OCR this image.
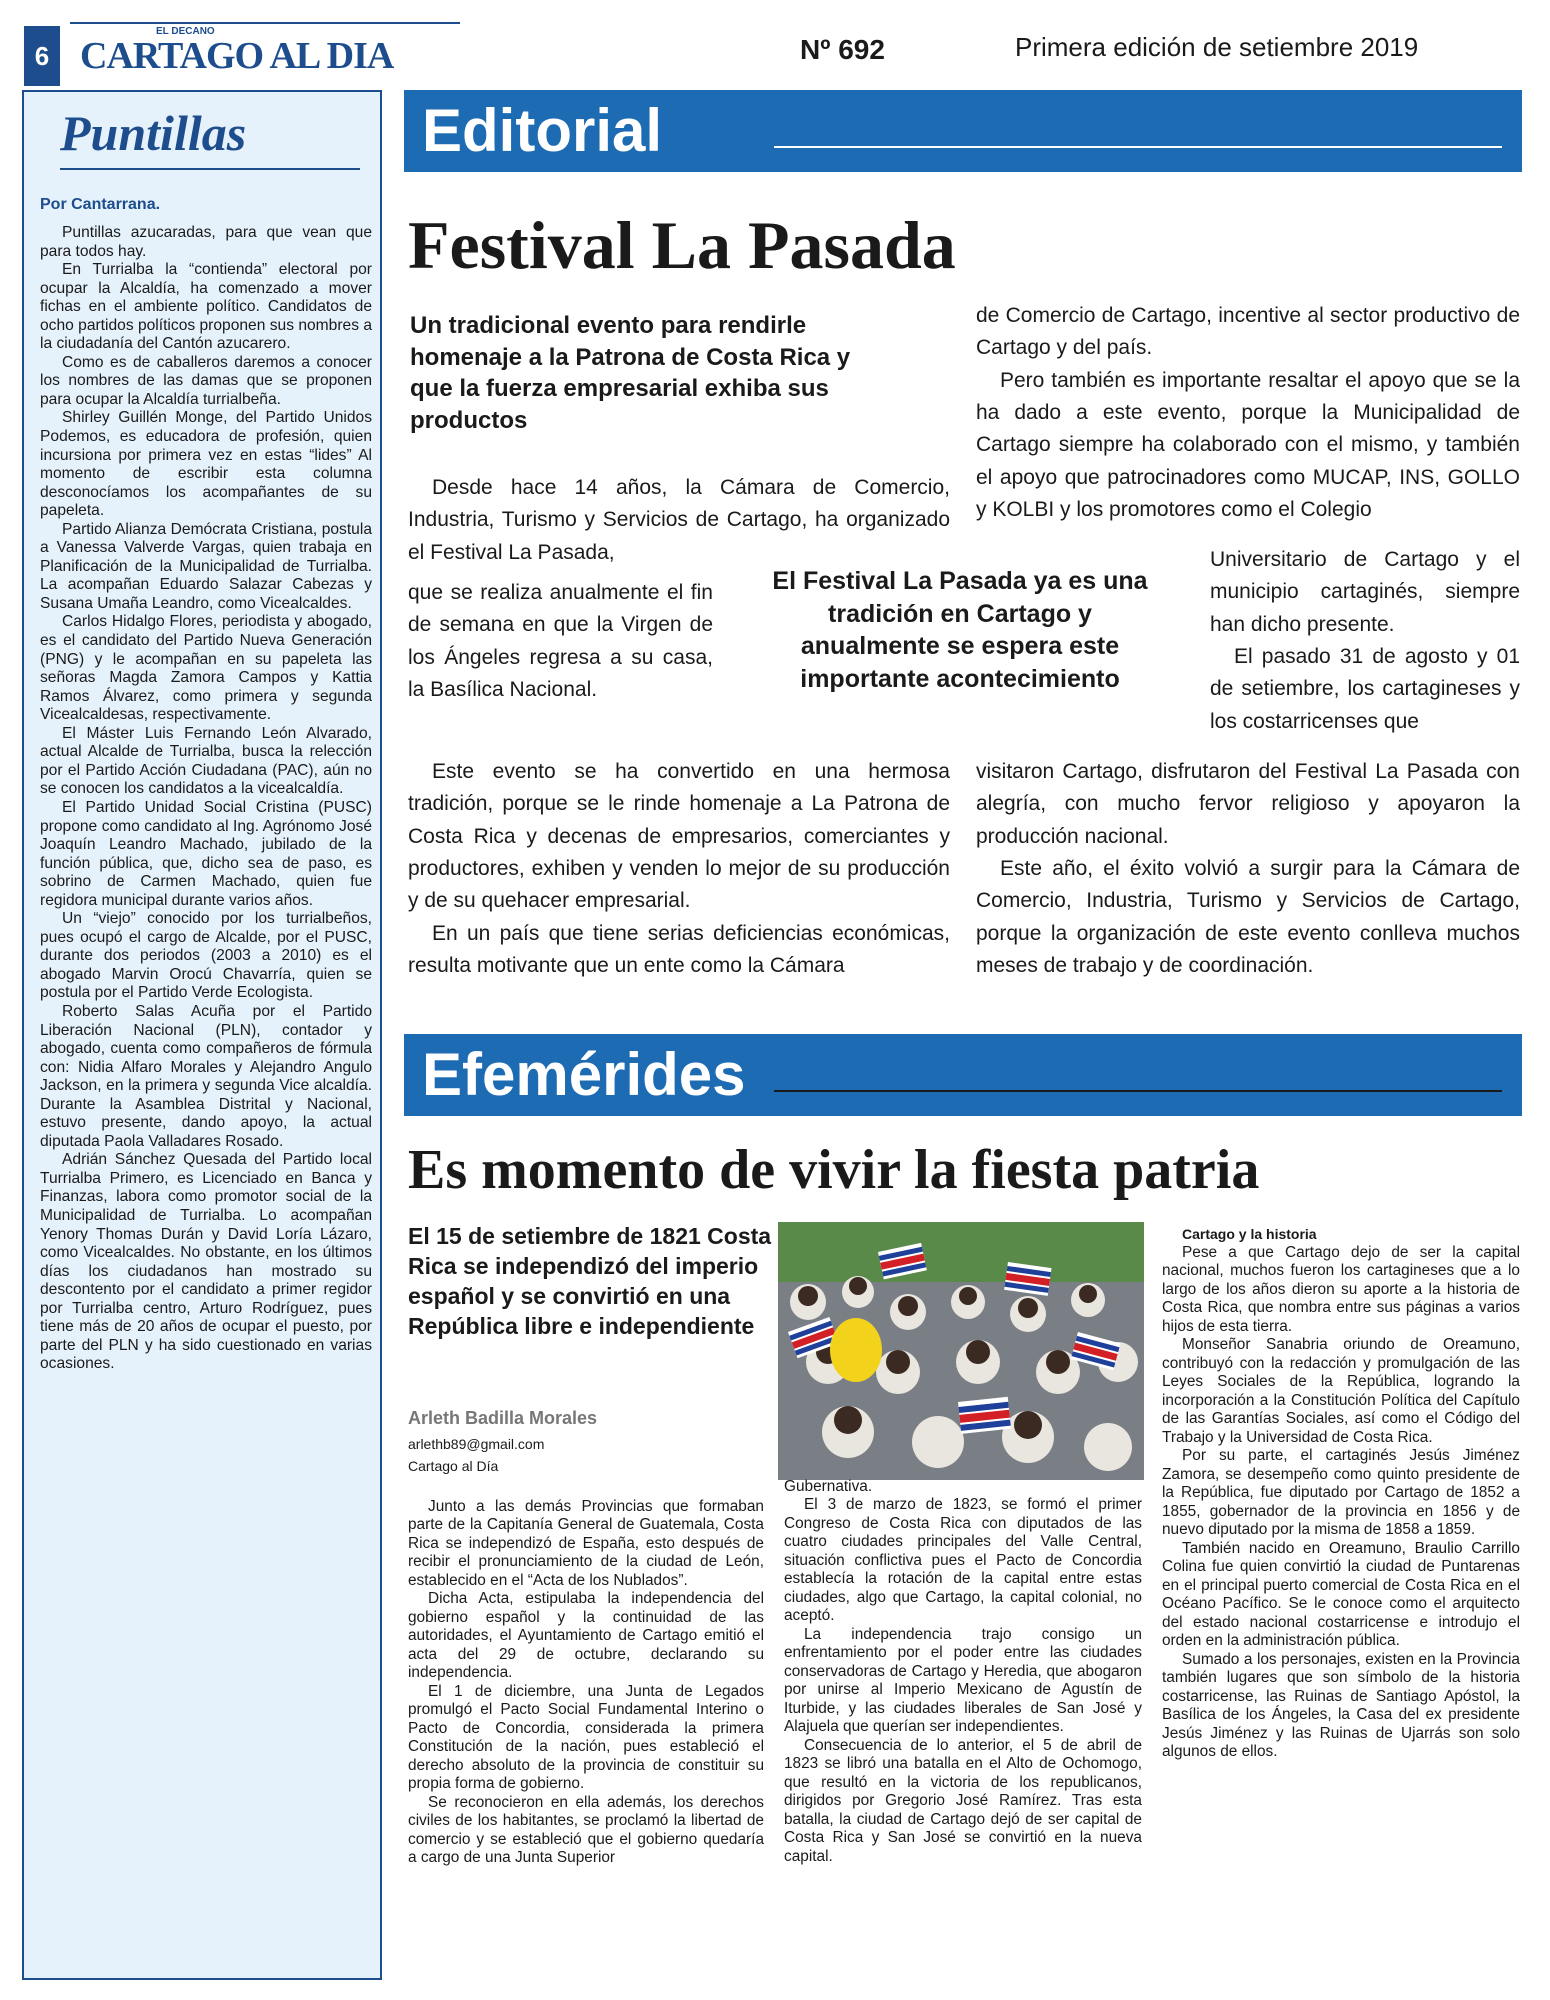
6
EL DECANO
CARTAGO AL DIA	Nº 692	Primera edición de setiembre 2019
Puntillas
Por Cantarrana.

Puntillas azucaradas, para que vean que para todos hay.

En Turrialba la “contienda” electoral por ocupar la Alcaldía, ha comenzado a mover fichas en el ambiente político. Candidatos de ocho partidos políticos proponen sus nombres a la ciudadanía del Cantón azucarero.

Como es de caballeros daremos a conocer los nombres de las damas que se proponen para ocupar la Alcaldía turrialbeña.

Shirley Guillén Monge, del Partido Unidos Podemos, es educadora de profesión, quien incursiona por primera vez en estas “lides” Al momento de escribir esta columna desconocíamos los acompañantes de su papeleta.

Partido Alianza Demócrata Cristiana, postula a Vanessa Valverde Vargas, quien trabaja en Planificación de la Municipalidad de Turrialba. La acompañan Eduardo Salazar Cabezas y Susana Umaña Leandro, como Vicealcaldes.

Carlos Hidalgo Flores, periodista y abogado, es el candidato del Partido Nueva Generación (PNG) y le acompañan en su papeleta las señoras Magda Zamora Campos y Kattia Ramos Álvarez, como primera y segunda Vicealcaldesas, respectivamente.

El Máster Luis Fernando León Alvarado, actual Alcalde de Turrialba, busca la relección por el Partido Acción Ciudadana (PAC), aún no se conocen los candidatos a la vicealcaldía.

El Partido Unidad Social Cristina (PUSC) propone como candidato al Ing. Agrónomo José Joaquín Leandro Machado, jubilado de la función pública, que, dicho sea de paso, es sobrino de Carmen Machado, quien fue regidora municipal durante varios años.

Un “viejo” conocido por los turrialbeños, pues ocupó el cargo de Alcalde, por el PUSC, durante dos periodos (2003 a 2010) es el abogado Marvin Orocú Chavarría, quien se postula por el Partido Verde Ecologista.

Roberto Salas Acuña por el Partido Liberación Nacional (PLN), contador y abogado, cuenta como compañeros de fórmula con: Nidia Alfaro Morales y Alejandro Angulo Jackson, en la primera y segunda Vice alcaldía. Durante la Asamblea Distrital y Nacional, estuvo presente, dando apoyo, la actual diputada Paola Valladares Rosado.

Adrián Sánchez Quesada del Partido local Turrialba Primero, es Licenciado en Banca y Finanzas, labora como promotor social de la Municipalidad de Turrialba. Lo acompañan Yenory Thomas Durán y David Loría Lázaro, como Vicealcaldes. No obstante, en los últimos días los ciudadanos han mostrado su descontento por el candidato a primer regidor por Turrialba centro, Arturo Rodríguez, pues tiene más de 20 años de ocupar el puesto, por parte del PLN y ha sido cuestionado en varias ocasiones.

Editorial
Festival La Pasada
Un tradicional evento para rendirle homenaje a la Patrona de Costa Rica y que la fuerza empresarial exhiba sus productos

Desde hace 14 años, la Cámara de Comercio, Industria, Turismo y Servicios de Cartago, ha organizado el Festival La Pasada,

que se realiza anualmente el fin de semana en que la Virgen de los Ángeles regresa a su casa, la Basílica Nacional.

El Festival La Pasada ya es una tradición en Cartago y anualmente se espera este importante acontecimiento

Este evento se ha convertido en una hermosa tradición, porque se le rinde homenaje a La Patrona de Costa Rica y decenas de empresarios, comerciantes y productores, exhiben y venden lo mejor de su producción y de su quehacer empresarial.

En un país que tiene serias deficiencias económicas, resulta motivante que un ente como la Cámara

de Comercio de Cartago, incentive al sector productivo de Cartago y del país.

Pero también es importante resaltar el apoyo que se la ha dado a este evento, porque la Municipalidad de Cartago siempre ha colaborado con el mismo, y también el apoyo que patrocinadores como MUCAP, INS, GOLLO y KOLBI y los promotores como el Colegio

Universitario de Cartago y el municipio cartaginés, siempre han dicho presente.

El pasado 31 de agosto y 01 de setiembre, los cartagineses y los costarricenses que

visitaron Cartago, disfrutaron del Festival La Pasada con alegría, con mucho fervor religioso y apoyaron la producción nacional.

Este año, el éxito volvió a surgir para la Cámara de Comercio, Industria, Turismo y Servicios de Cartago, porque la organización de este evento conlleva muchos meses de trabajo y de coordinación.

Efemérides
Es momento de vivir la fiesta patria
El 15 de setiembre de 1821 Costa Rica se independizó del imperio español y se convirtió en una República libre e independiente
Arleth Badilla Morales
arlethb89@gmail.com
Cartago al Día

Junto a las demás Provincias que formaban parte de la Capitanía General de Guatemala, Costa Rica se independizó de España, esto después de recibir el pronunciamiento de la ciudad de León, establecido en el “Acta de los Nublados”.

Dicha Acta, estipulaba la independencia del gobierno español y la continuidad de las autoridades, el Ayuntamiento de Cartago emitió el acta del 29 de octubre, declarando su independencia.

El 1 de diciembre, una Junta de Legados promulgó el Pacto Social Fundamental Interino o Pacto de Concordia, considerada la primera Constitución de la nación, pues estableció el derecho absoluto de la provincia de constituir su propia forma de gobierno.

Se reconocieron en ella además, los derechos civiles de los habitantes, se proclamó la libertad de comercio y se estableció que el gobierno quedaría a cargo de una Junta Superior

Gubernativa.

El 3 de marzo de 1823, se formó el primer Congreso de Costa Rica con diputados de las cuatro ciudades principales del Valle Central, situación conflictiva pues el Pacto de Concordia establecía la rotación de la capital entre estas ciudades, algo que Cartago, la capital colonial, no aceptó.

La independencia trajo consigo un enfrentamiento por el poder entre las ciudades conservadoras de Cartago y Heredia, que abogaron por unirse al Imperio Mexicano de Agustín de Iturbide, y las ciudades liberales de San José y Alajuela que querían ser independientes.

Consecuencia de lo anterior, el 5 de abril de 1823 se libró una batalla en el Alto de Ochomogo, que resultó en la victoria de los republicanos, dirigidos por Gregorio José Ramírez. Tras esta batalla, la ciudad de Cartago dejó de ser capital de Costa Rica y San José se convirtió en la nueva capital.

Cartago y la historia

Pese a que Cartago dejo de ser la capital nacional, muchos fueron los cartagineses que a lo largo de los años dieron su aporte a la historia de Costa Rica, que nombra entre sus páginas a varios hijos de esta tierra.

Monseñor Sanabria oriundo de Oreamuno, contribuyó con la redacción y promulgación de las Leyes Sociales de la República, logrando la incorporación a la Constitución Política del Capítulo de las Garantías Sociales, así como el Código del Trabajo y la Universidad de Costa Rica.

Por su parte, el cartaginés Jesús Jiménez Zamora, se desempeño como quinto presidente de la República, fue diputado por Cartago de 1852 a 1855, gobernador de la provincia en 1856 y de nuevo diputado por la misma de 1858 a 1859.

También nacido en Oreamuno, Braulio Carrillo Colina fue quien convirtió la ciudad de Puntarenas en el principal puerto comercial de Costa Rica en el Océano Pacífico. Se le conoce como el arquitecto del estado nacional costarricense e introdujo el orden en la administración pública.

Sumado a los personajes, existen en la Provincia también lugares que son símbolo de la historia costarricense, las Ruinas de Santiago Apóstol, la Basílica de los Ángeles, la Casa del ex presidente Jesús Jiménez y las Ruinas de Ujarrás son solo algunos de ellos.
